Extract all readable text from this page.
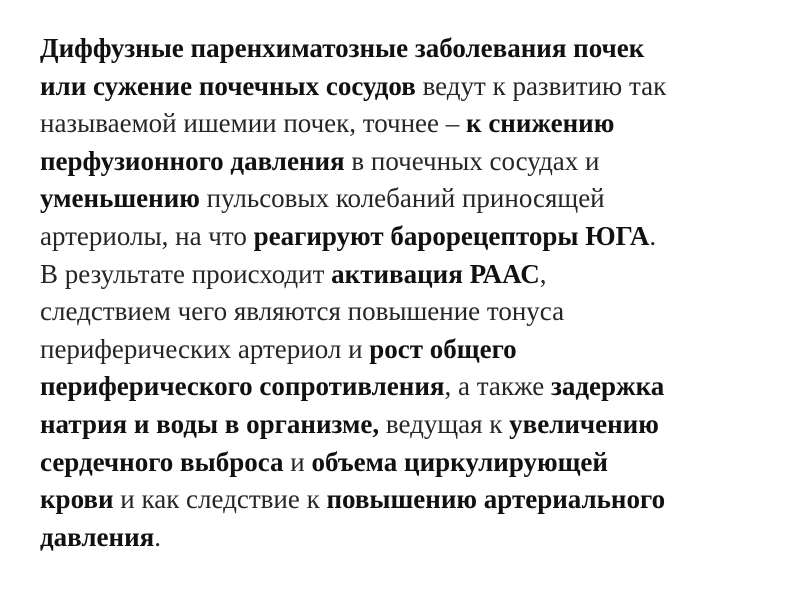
Диффузные паренхиматозные заболевания почек
или сужение почечных сосудов ведут к развитию так
называемой ишемии почек, точнее – к снижению
перфузионного давления в почечных сосудах и
уменьшению пульсовых колебаний приносящей
артериолы, на что реагируют барорецепторы ЮГА.
В результате происходит активация РААС,
следствием чего являются повышение тонуса
периферических артериол и рост общего
периферического сопротивления, а также задержка
натрия и воды в организме, ведущая к увеличению
сердечного выброса и объема циркулирующей
крови и как следствие к повышению артериального
давления.
